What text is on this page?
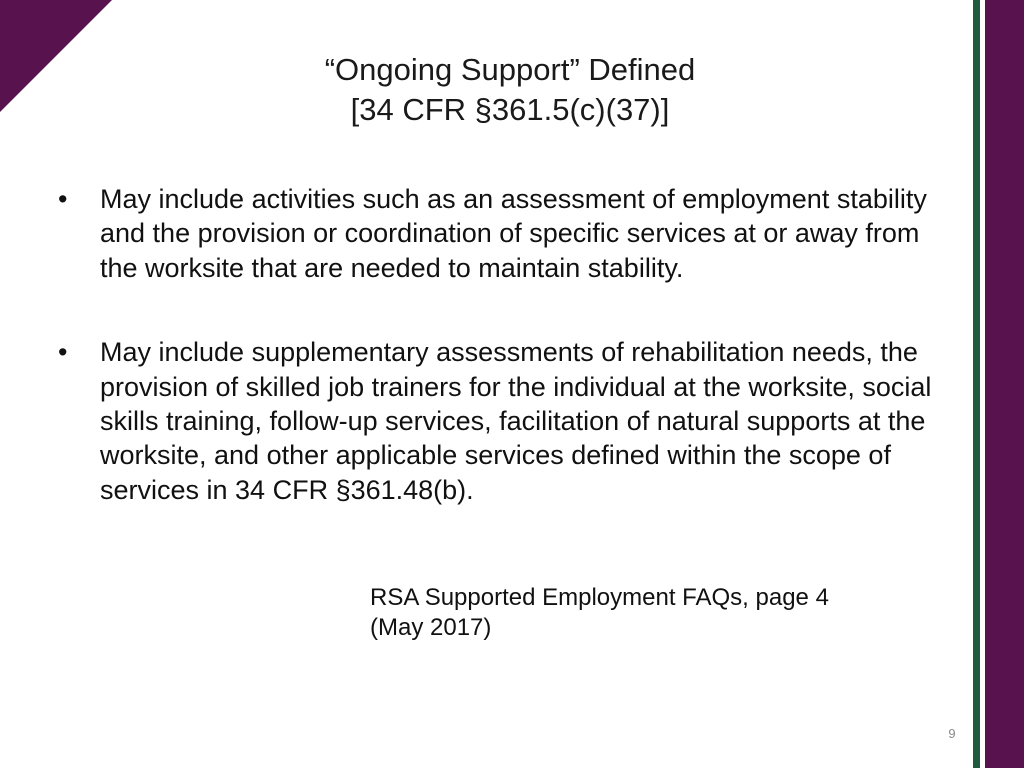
“Ongoing Support” Defined
[34 CFR §361.5(c)(37)]
• May include activities such as an assessment of employment stability and the provision or coordination of specific services at or away from the worksite that are needed to maintain stability.
• May include supplementary assessments of rehabilitation needs, the provision of skilled job trainers for the individual at the worksite, social skills training, follow-up services, facilitation of natural supports at the worksite, and other applicable services defined within the scope of services in 34 CFR §361.48(b).
RSA Supported Employment FAQs, page 4
(May 2017)
9
